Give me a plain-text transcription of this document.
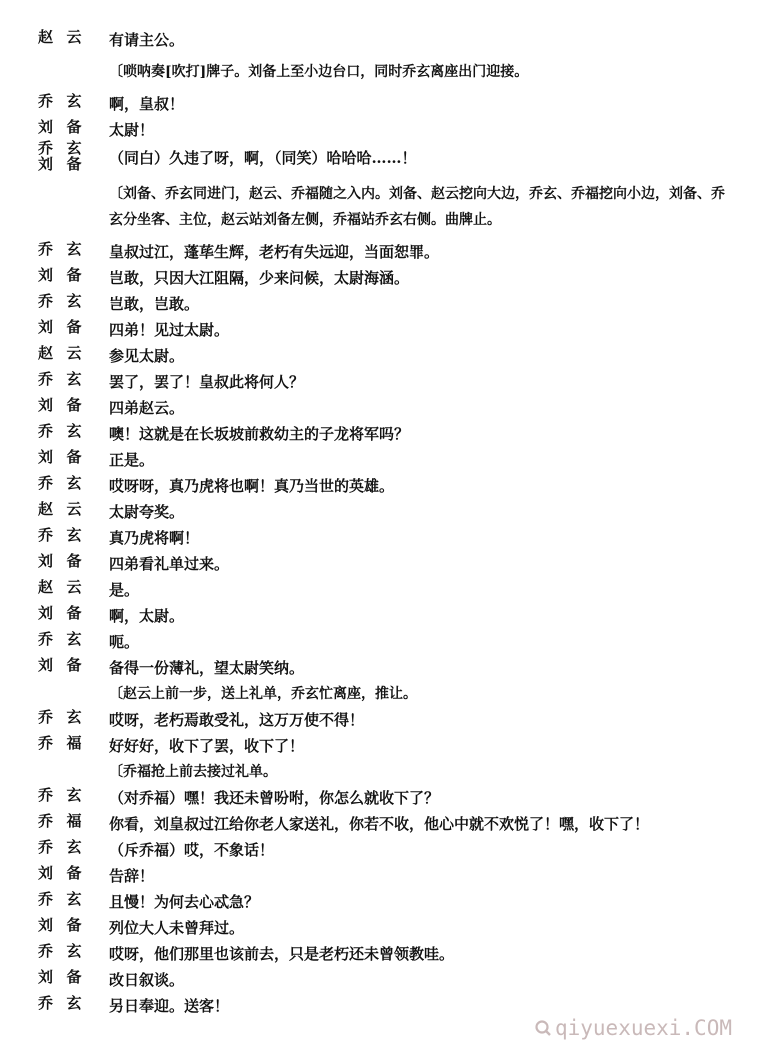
赵  云	有请主公。
〔唢呐奏[吹打]牌子。刘备上至小边台口，同时乔玄离座出门迎接。
乔  玄	啊，皇叔！
刘  备	太尉！
乔  玄
刘  备	（同白）久违了呀，啊，（同笑）哈哈哈……！
〔刘备、乔玄同进门，赵云、乔福随之入内。刘备、赵云挖向大边，乔玄、乔福挖向小边，刘备、乔玄分坐客、主位，赵云站刘备左侧，乔福站乔玄右侧。曲牌止。
乔  玄	皇叔过江，蓬荜生辉，老朽有失远迎，当面恕罪。
刘  备	岂敢，只因大江阻隔，少来问候，太尉海涵。
乔  玄	岂敢，岂敢。
刘  备	四弟！见过太尉。
赵  云	参见太尉。
乔  玄	罢了，罢了！皇叔此将何人？
刘  备	四弟赵云。
乔  玄	噢！这就是在长坂坡前救幼主的子龙将军吗？
刘  备	正是。
乔  玄	哎呀呀，真乃虎将也啊！真乃当世的英雄。
赵  云	太尉夸奖。
乔  玄	真乃虎将啊！
刘  备	四弟看礼单过来。
赵  云	是。
刘  备	啊，太尉。
乔  玄	呃。
刘  备	备得一份薄礼，望太尉笑纳。
〔赵云上前一步，送上礼单，乔玄忙离座，推让。
乔  玄	哎呀，老朽焉敢受礼，这万万使不得！
乔  福	好好好，收下了罢，收下了！
〔乔福抢上前去接过礼单。
乔  玄	（对乔福）嘿！我还未曾吩咐，你怎么就收下了？
乔  福	你看，刘皇叔过江给你老人家送礼，你若不收，他心中就不欢悦了！嘿，收下了！
乔  玄	（斥乔福）哎，不象话！
刘  备	告辞！
乔  玄	且慢！为何去心忒急？
刘  备	列位大人未曾拜过。
乔  玄	哎呀，他们那里也该前去，只是老朽还未曾领教哇。
刘  备	改日叙谈。
乔  玄	另日奉迎。送客！
qiyuexuexi.COM
